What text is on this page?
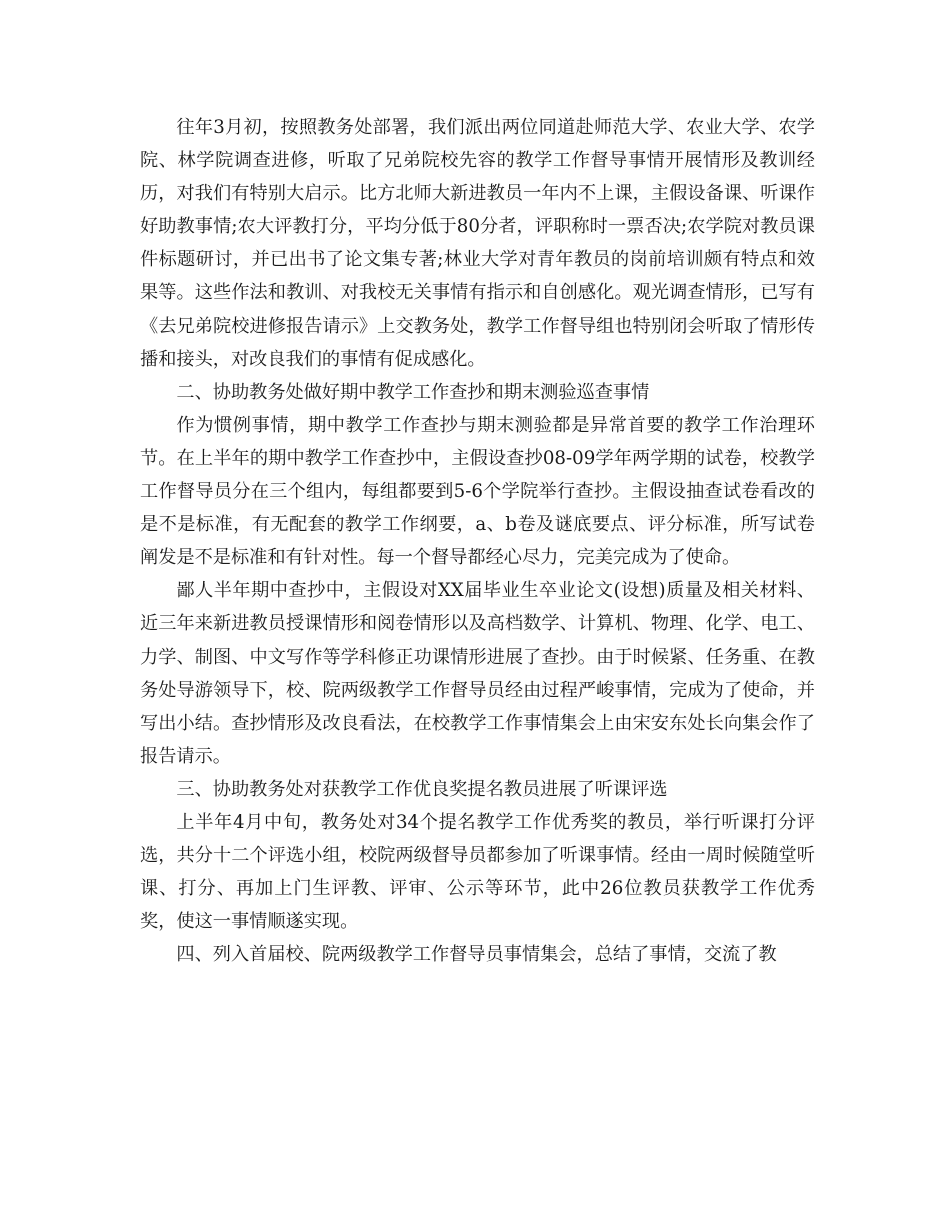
往年3月初，按照教务处部署，我们派出两位同道赴师范大学、农业大学、农学院、林学院调查进修，听取了兄弟院校先容的教学工作督导事情开展情形及教训经历，对我们有特别大启示。比方北师大新进教员一年内不上课，主假设备课、听课作好助教事情;农大评教打分，平均分低于80分者，评职称时一票否决;农学院对教员课件标题研讨，并已出书了论文集专著;林业大学对青年教员的岗前培训颇有特点和效果等。这些作法和教训、对我校无关事情有指示和自创感化。观光调查情形，已写有《去兄弟院校进修报告请示》上交教务处，教学工作督导组也特别闭会听取了情形传播和接头，对改良我们的事情有促成感化。

二、协助教务处做好期中教学工作查抄和期末测验巡查事情

作为惯例事情，期中教学工作查抄与期末测验都是异常首要的教学工作治理环节。在上半年的期中教学工作查抄中，主假设查抄08-09学年两学期的试卷，校教学工作督导员分在三个组内，每组都要到5-6个学院举行查抄。主假设抽查试卷看改的是不是标准，有无配套的教学工作纲要，a、b卷及谜底要点、评分标准，所写试卷阐发是不是标准和有针对性。每一个督导都经心尽力，完美完成为了使命。

鄙人半年期中查抄中，主假设对XX届毕业生卒业论文(设想)质量及相关材料、近三年来新进教员授课情形和阅卷情形以及高档数学、计算机、物理、化学、电工、力学、制图、中文写作等学科修正功课情形进展了查抄。由于时候紧、任务重、在教务处导游领导下，校、院两级教学工作督导员经由过程严峻事情，完成为了使命，并写出小结。查抄情形及改良看法，在校教学工作事情集会上由宋安东处长向集会作了报告请示。

三、协助教务处对获教学工作优良奖提名教员进展了听课评选

上半年4月中旬，教务处对34个提名教学工作优秀奖的教员，举行听课打分评选，共分十二个评选小组，校院两级督导员都参加了听课事情。经由一周时候随堂听课、打分、再加上门生评教、评审、公示等环节，此中26位教员获教学工作优秀奖，使这一事情顺遂实现。

四、列入首届校、院两级教学工作督导员事情集会，总结了事情，交流了教
